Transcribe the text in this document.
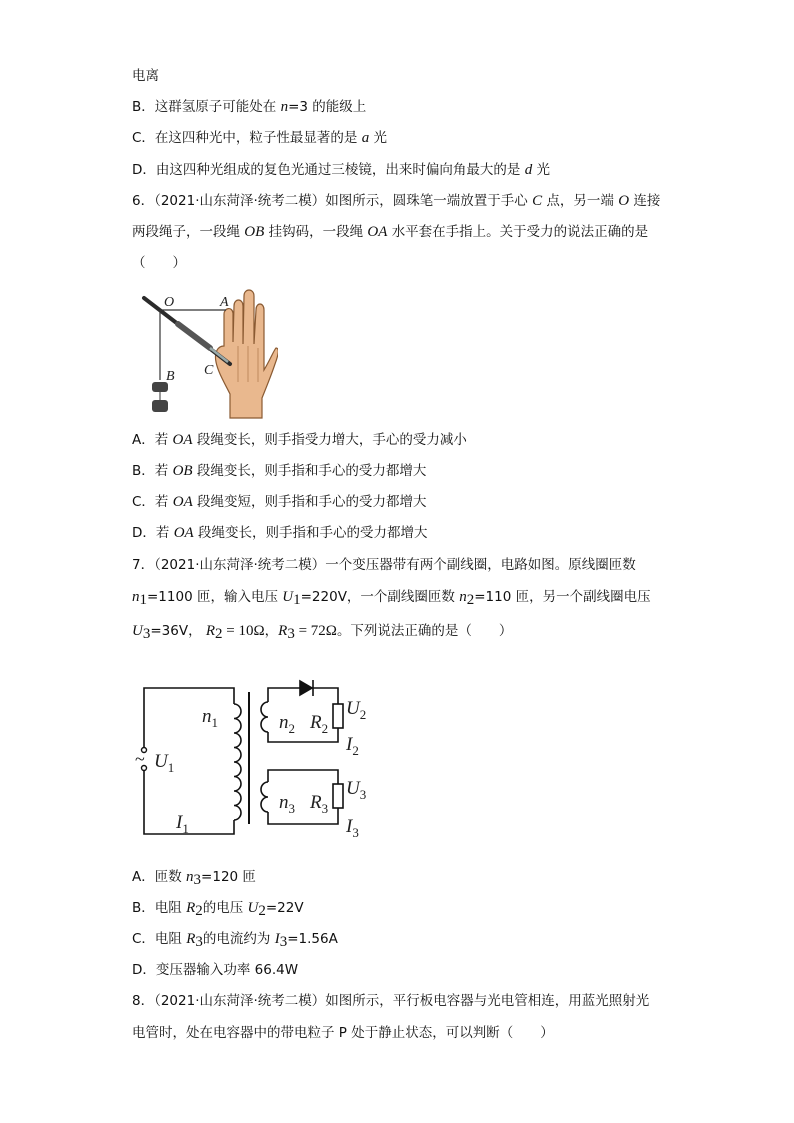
电离
B．这群氢原子可能处在 n=3 的能级上
C．在这四种光中，粒子性最显著的是 a 光
D．由这四种光组成的复色光通过三棱镜，出来时偏向角最大的是 d 光
6．（2021·山东菏泽·统考二模）如图所示，圆珠笔一端放置于手心 C 点，另一端 O 连接
两段绳子，一段绳 OB 挂钩码，一段绳 OA 水平套在手指上。关于受力的说法正确的是
（　　）
O	A
B C
A．若 OA 段绳变长，则手指受力增大，手心的受力减小
B．若 OB 段绳变长，则手指和手心的受力都增大
C．若 OA 段绳变短，则手指和手心的受力都增大
D．若 OA 段绳变长，则手指和手心的受力都增大
7．（2021·山东菏泽·统考二模）一个变压器带有两个副线圈，电路如图。原线圈匝数
$n_1=1100$ 匝，输入电压 $U_1=220V$，一个副线圈匝数 $n_2=110$ 匝，另一个副线圈电压
$U_3=36V$， $R_2 = 10\Omega$，$R_3 = 72\Omega$。下列说法正确的是（　　）
~ $U_1$
$n_1$
$I_1$
$n_2$ $R_2$
$U_2$
$I_2$
$n_3$ $R_3$
$U_3$
$I_3$
A．匝数 $n_3=120$ 匝
B．电阻 $R_2$的电压 $U_2=22V$
C．电阻 $R_3$的电流约为 $I_3=1.56A$
D．变压器输入功率 66.4W
8．（2021·山东菏泽·统考二模）如图所示，平行板电容器与光电管相连，用蓝光照射光
电管时，处在电容器中的带电粒子 P 处于静止状态，可以判断（　　）
